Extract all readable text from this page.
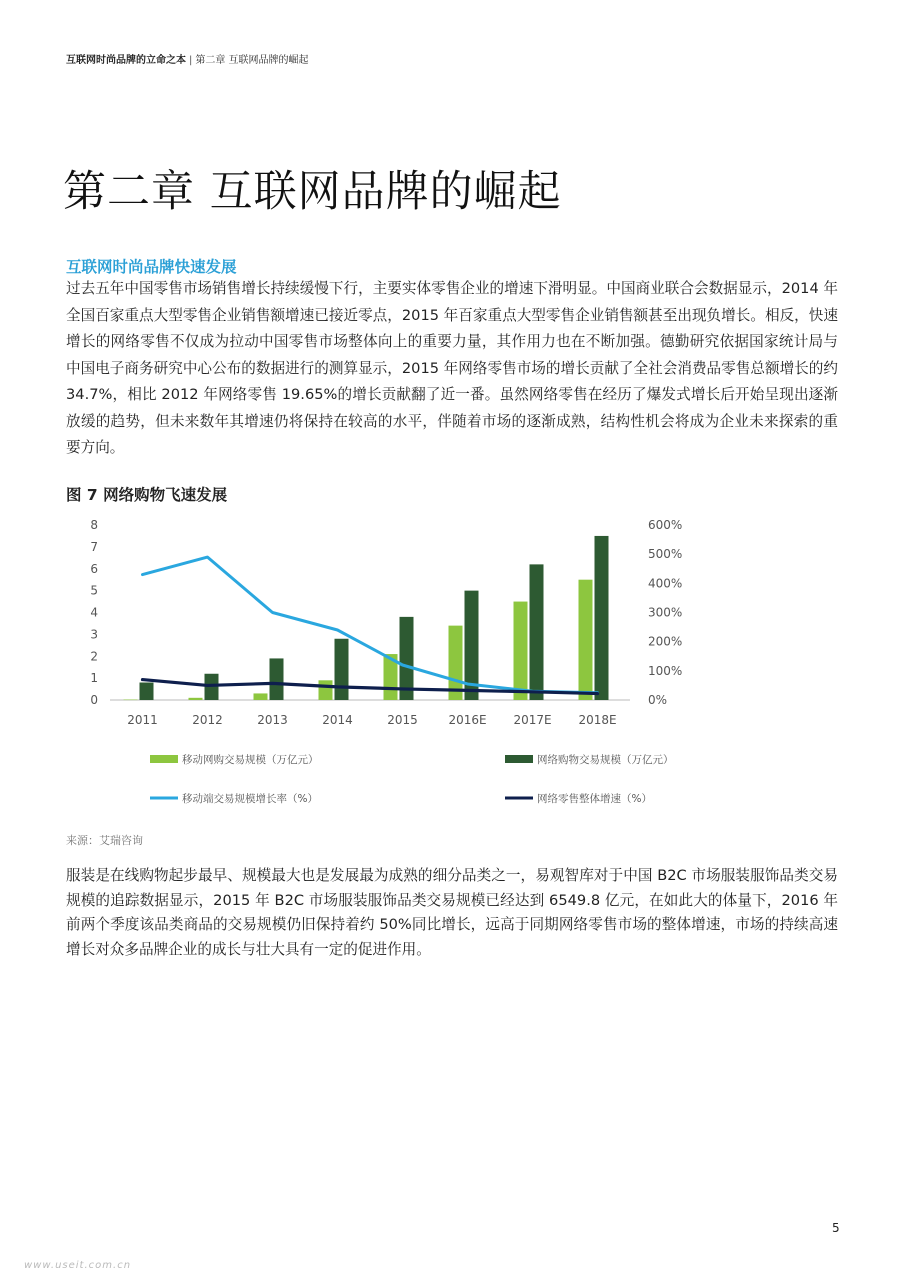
互联网时尚品牌的立命之本 | 第二章 互联网品牌的崛起
第二章 互联网品牌的崛起
互联网时尚品牌快速发展

过去五年中国零售市场销售增长持续缓慢下行，主要实体零售企业的增速下滑明显。中国商业联合会数据显示，2014 年全国百家重点大型零售企业销售额增速已接近零点，2015 年百家重点大型零售企业销售额甚至出现负增长。相反，快速增长的网络零售不仅成为拉动中国零售市场整体向上的重要力量，其作用力也在不断加强。德勤研究依据国家统计局与中国电子商务研究中心公布的数据进行的测算显示，2015 年网络零售市场的增长贡献了全社会消费品零售总额增长的约 34.7%，相比 2012 年网络零售 19.65%的增长贡献翻了近一番。虽然网络零售在经历了爆发式增长后开始呈现出逐渐放缓的趋势，但未来数年其增速仍将保持在较高的水平，伴随着市场的逐渐成熟，结构性机会将成为企业未来探索的重要方向。

图 7 网络购物飞速发展
0
1
2
3
4
5
6
7
8
0%
100%
200%
300%
400%
500%
600%
2011	2012	2013	2014	2015	2016E 2017E 2018E
移动网购交易规模（万亿元）	网络购物交易规模（万亿元）
移动端交易规模增长率（%）	网络零售整体增速（%）
来源：艾瑞咨询

服装是在线购物起步最早、规模最大也是发展最为成熟的细分品类之一，易观智库对于中国 B2C 市场服装服饰品类交易规模的追踪数据显示，2015 年 B2C 市场服装服饰品类交易规模已经达到 6549.8 亿元，在如此大的体量下，2016 年前两个季度该品类商品的交易规模仍旧保持着约 50%同比增长，远高于同期网络零售市场的整体增速，市场的持续高速增长对众多品牌企业的成长与壮大具有一定的促进作用。

5
www.useit.com.cn
